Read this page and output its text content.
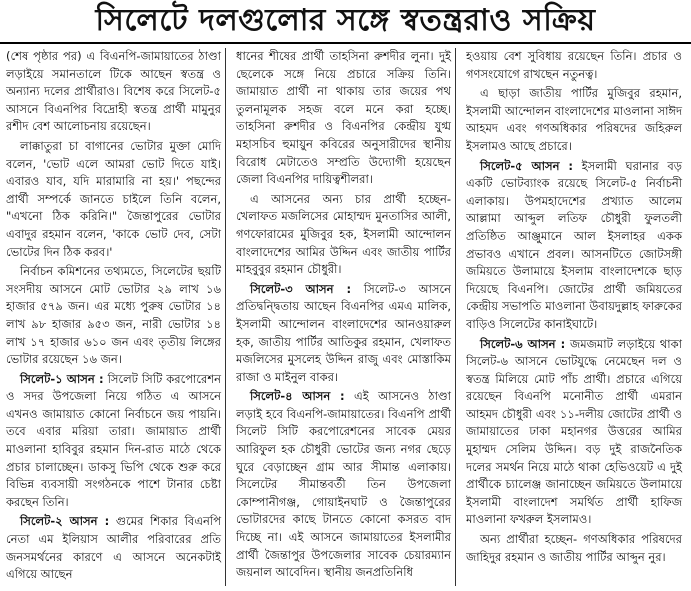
সিলেটে দলগুলোর সঙ্গে স্বতন্ত্ররাও সক্রিয়

(শেষ পৃষ্ঠার পর) এ বিএনপি-জামায়াতের ঠাণ্ডা লড়াইয়ে সমানতালে টিকে আছেন স্বতন্ত্র ও অন্যান্য দলের প্রার্থীরাও। বিশেষ করে সিলেট-৫ আসনে বিএনপির বিদ্রোহী স্বতন্ত্র প্রার্থী মামুনুর রশীদ বেশ আলোচনায় রয়েছেন।

লাক্কাতুরা চা বাগানের ভোটার মুক্তা মোদি বলেন, 'ভোট এলে আমরা ভোট দিতে যাই। এবারও যাব, যদি মারামারি না হয়।' পছন্দের প্রার্থী সম্পর্কে জানতে চাইলে তিনি বলেন, "এখনো ঠিক করিনি।" জৈন্তাপুরের ভোটার এবাদুর রহমান বলেন, 'কাকে ভোট দেব, সেটা ভোটের দিন ঠিক করব।'

নির্বাচন কমিশনের তথ্যমতে, সিলেটের ছয়টি সংসদীয় আসনে মোট ভোটার ২৯ লাখ ১৬ হাজার ৫৭৯ জন। এর মধ্যে পুরুষ ভোটার ১৪ লাখ ৯৮ হাজার ৯৫৩ জন, নারী ভোটার ১৪ লাখ ১৭ হাজার ৬১০ জন এবং তৃতীয় লিঙ্গের ভোটার রয়েছেন ১৬ জন।

সিলেট-১ আসন : সিলেট সিটি করপোরেশন ও সদর উপজেলা নিয়ে গঠিত এ আসনে এখনও জামায়াত কোনো নির্বাচনে জয় পায়নি। তবে এবার মরিয়া তারা। জামায়াত প্রার্থী মাওলানা হাবিবুর রহমান দিন-রাত মাঠে থেকে প্রচার চালাচ্ছেন। ডাকসু ভিপি থেকে শুরু করে বিভিন্ন ব্যবসায়ী সংগঠনকে পাশে টানার চেষ্টা করছেন তিনি।

সিলেট-২ আসন : গুমের শিকার বিএনপি নেতা এম ইলিয়াস আলীর পরিবারের প্রতি জনসমর্থনের কারণে এ আসনে অনেকটাই এগিয়ে আছেন

ধানের শীষের প্রার্থী তাহসিনা রুশদীর লুনা। দুই ছেলেকে সঙ্গে নিয়ে প্রচারে সক্রিয় তিনি। জামায়াত প্রার্থী না থাকায় তার জয়ের পথ তুলনামূলক সহজ বলে মনে করা হচ্ছে। তাহসিনা রুশদীর ও বিএনপির কেন্দ্রীয় যুগ্ম মহাসচিব হুমায়ুন কবিরের অনুসারীদের স্থানীয় বিরোধ মেটাতেও সম্প্রতি উদ্যোগী হয়েছেন জেলা বিএনপির দায়িত্বশীলরা।

এ আসনের অন্য চার প্রার্থী হচ্ছেন- খেলাফত মজলিসের মোহাম্মদ মুনতাসির আলী, গণফোরামের মুজিবুর হক, ইসলামী আন্দোলন বাংলাদেশের আমির উদ্দিন এবং জাতীয় পার্টির মাহবুবুর রহমান চৌধুরী।

সিলেট-৩ আসন : সিলেট-৩ আসনে প্রতিদ্বন্দ্বিতায় আছেন বিএনপির এমএ মালিক, ইসলামী আন্দোলন বাংলাদেশের আনওয়ারুল হক, জাতীয় পার্টির আতিকুর রহমান, খেলাফত মজলিসের মুসলেহ উদ্দিন রাজু এবং মোস্তাকিম রাজা ও মাইনুল বাকর।

সিলেট-৪ আসন : এই আসনেও ঠাণ্ডা লড়াই হবে বিএনপি-জামায়াতের। বিএনপি প্রার্থী সিলেট সিটি করপোরেশনের সাবেক মেয়র আরিফুল হক চৌধুরী ভোটের জন্য নগর ছেড়ে ঘুরে বেড়াচ্ছেন গ্রাম আর সীমান্ত এলাকায়। সিলেটের সীমান্তবর্তী তিন উপজেলা কোম্পানীগঞ্জ, গোয়াইনঘাট ও জৈন্তাপুরের ভোটারদের কাছে টানতে কোনো কসরত বাদ দিচ্ছে না। এই আসনে জামায়াতের ইসলামীর প্রার্থী জৈন্তাপুর উপজেলার সাবেক চেয়ারম্যান জয়নাল আবেদিন। স্থানীয় জনপ্রতিনিধি

হওয়ায় বেশ সুবিধায় রয়েছেন তিনি। প্রচার ও গণসংযোগে রাখছেন নতুনত্ব।

এ ছাড়া জাতীয় পার্টির মুজিবুর রহমান, ইসলামী আন্দোলন বাংলাদেশের মাওলানা সাঈদ আহমদ এবং গণঅধিকার পরিষদের জহিরুল ইসলামও আছে প্রচারে।

সিলেট-৫ আসন : ইসলামী ঘরানার বড় একটি ভোটব্যাংক রয়েছে সিলেট-৫ নির্বাচনী এলাকায়। উপমহাদেশের প্রখ্যাত আলেম আল্লামা আব্দুল লতিফ চৌধুরী ফুলতলী প্রতিষ্ঠিত আঞ্জুমানে আল ইসলাহর একক প্রভাবও এখানে প্রবল। আসনটিতে জোটসঙ্গী জমিয়তে উলামায়ে ইসলাম বাংলাদেশকে ছাড় দিয়েছে বিএনপি। জোটের প্রার্থী জমিয়তের কেন্দ্রীয় সভাপতি মাওলানা উবায়দুল্লাহ ফারুকের বাড়িও সিলেটের কানাইঘাটে।

সিলেট-৬ আসন : জমজমাট লড়াইয়ে থাকা সিলেট-৬ আসনে ভোটযুদ্ধে নেমেছেন দল ও স্বতন্ত্র মিলিয়ে মোট পাঁচ প্রার্থী। প্রচারে এগিয়ে রয়েছেন বিএনপি মনোনীত প্রার্থী এমরান আহমদ চৌধুরী এবং ১১-দলীয় জোটের প্রার্থী ও জামায়াতের ঢাকা মহানগর উত্তরের আমির মুহাম্মদ সেলিম উদ্দিন। বড় দুই রাজনৈতিক দলের সমর্থন নিয়ে মাঠে থাকা হেভিওয়েট এ দুই প্রার্থীকে চ্যালেঞ্জ জানাচ্ছেন জমিয়তে উলামায়ে ইসলামী বাংলাদেশ সমর্থিত প্রার্থী হাফিজ মাওলানা ফখরুল ইসলামও।

অন্য প্রার্থীরা হচ্ছেন- গণঅধিকার পরিষদের জাহিদুর রহমান ও জাতীয় পার্টির আব্দুন নুর।
